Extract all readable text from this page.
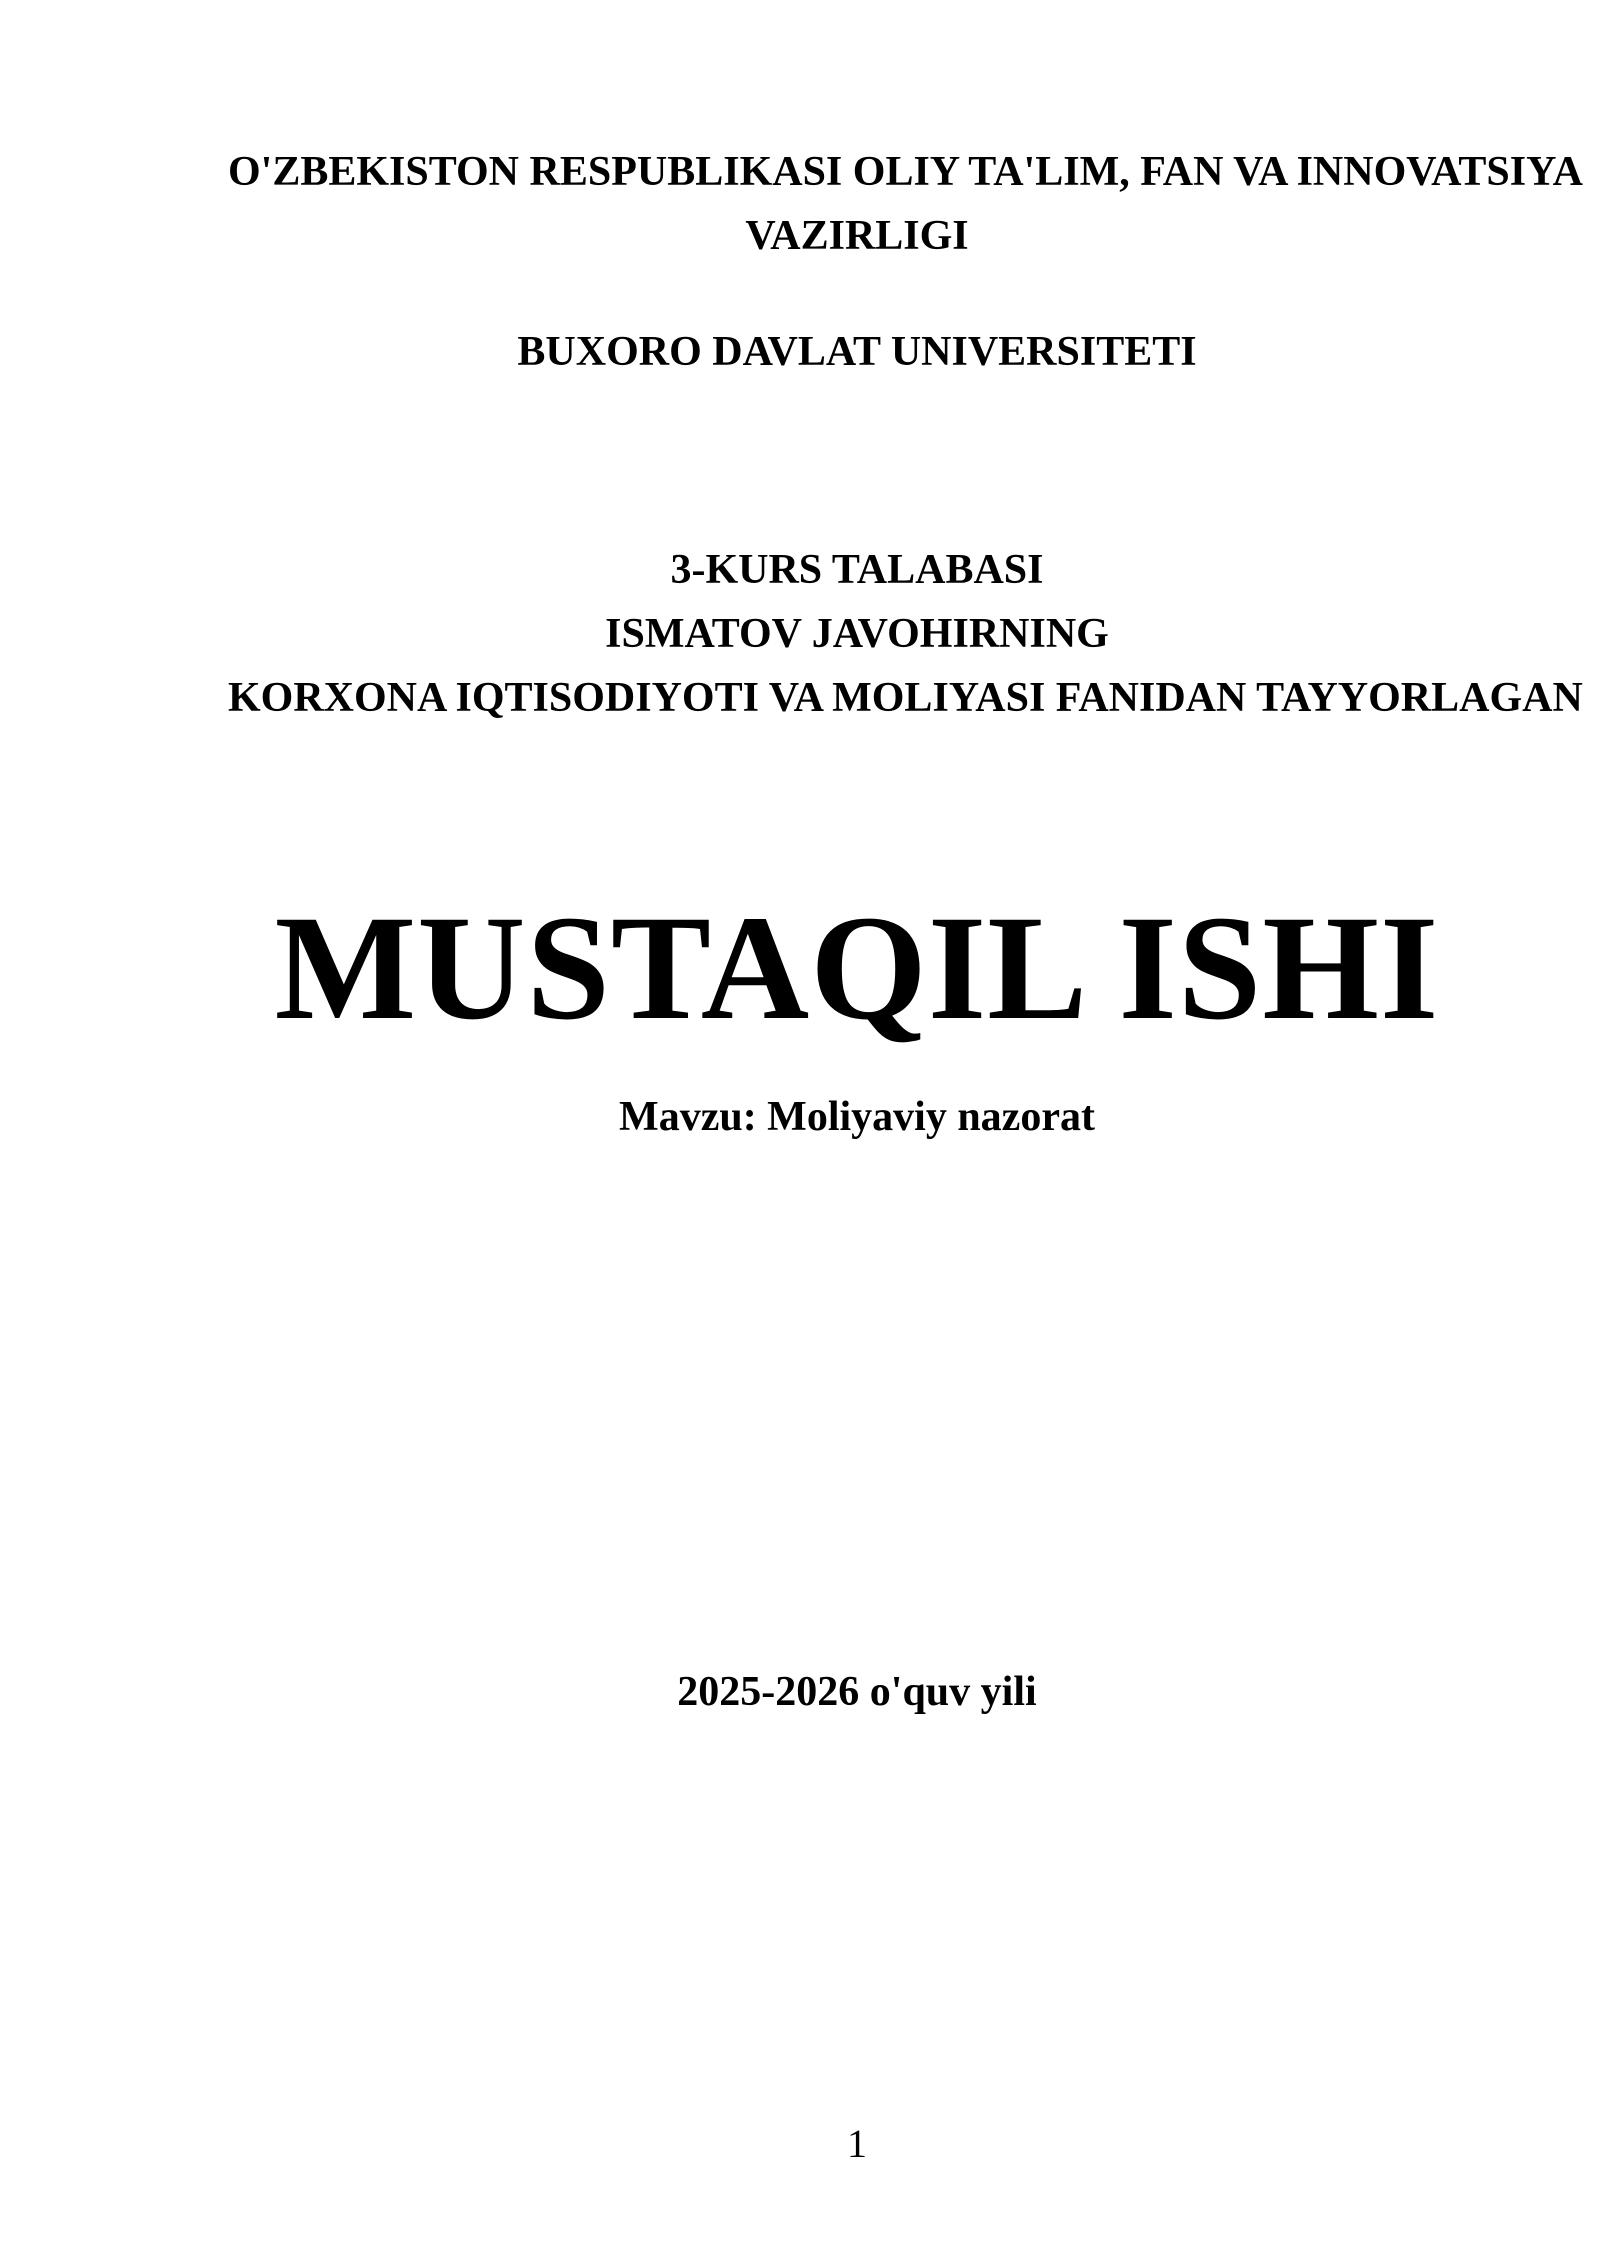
O'ZBEKISTON RESPUBLIKASI OLIY TA'LIM, FAN VA INNOVATSIYA
VAZIRLIGI
BUXORO DAVLAT UNIVERSITETI
3-KURS TALABASI
ISMATOV JAVOHIRNING
KORXONA IQTISODIYOTI VA MOLIYASI FANIDAN TAYYORLAGAN
MUSTAQIL ISHI
Mavzu: Moliyaviy nazorat
2025-2026 o'quv yili
1
